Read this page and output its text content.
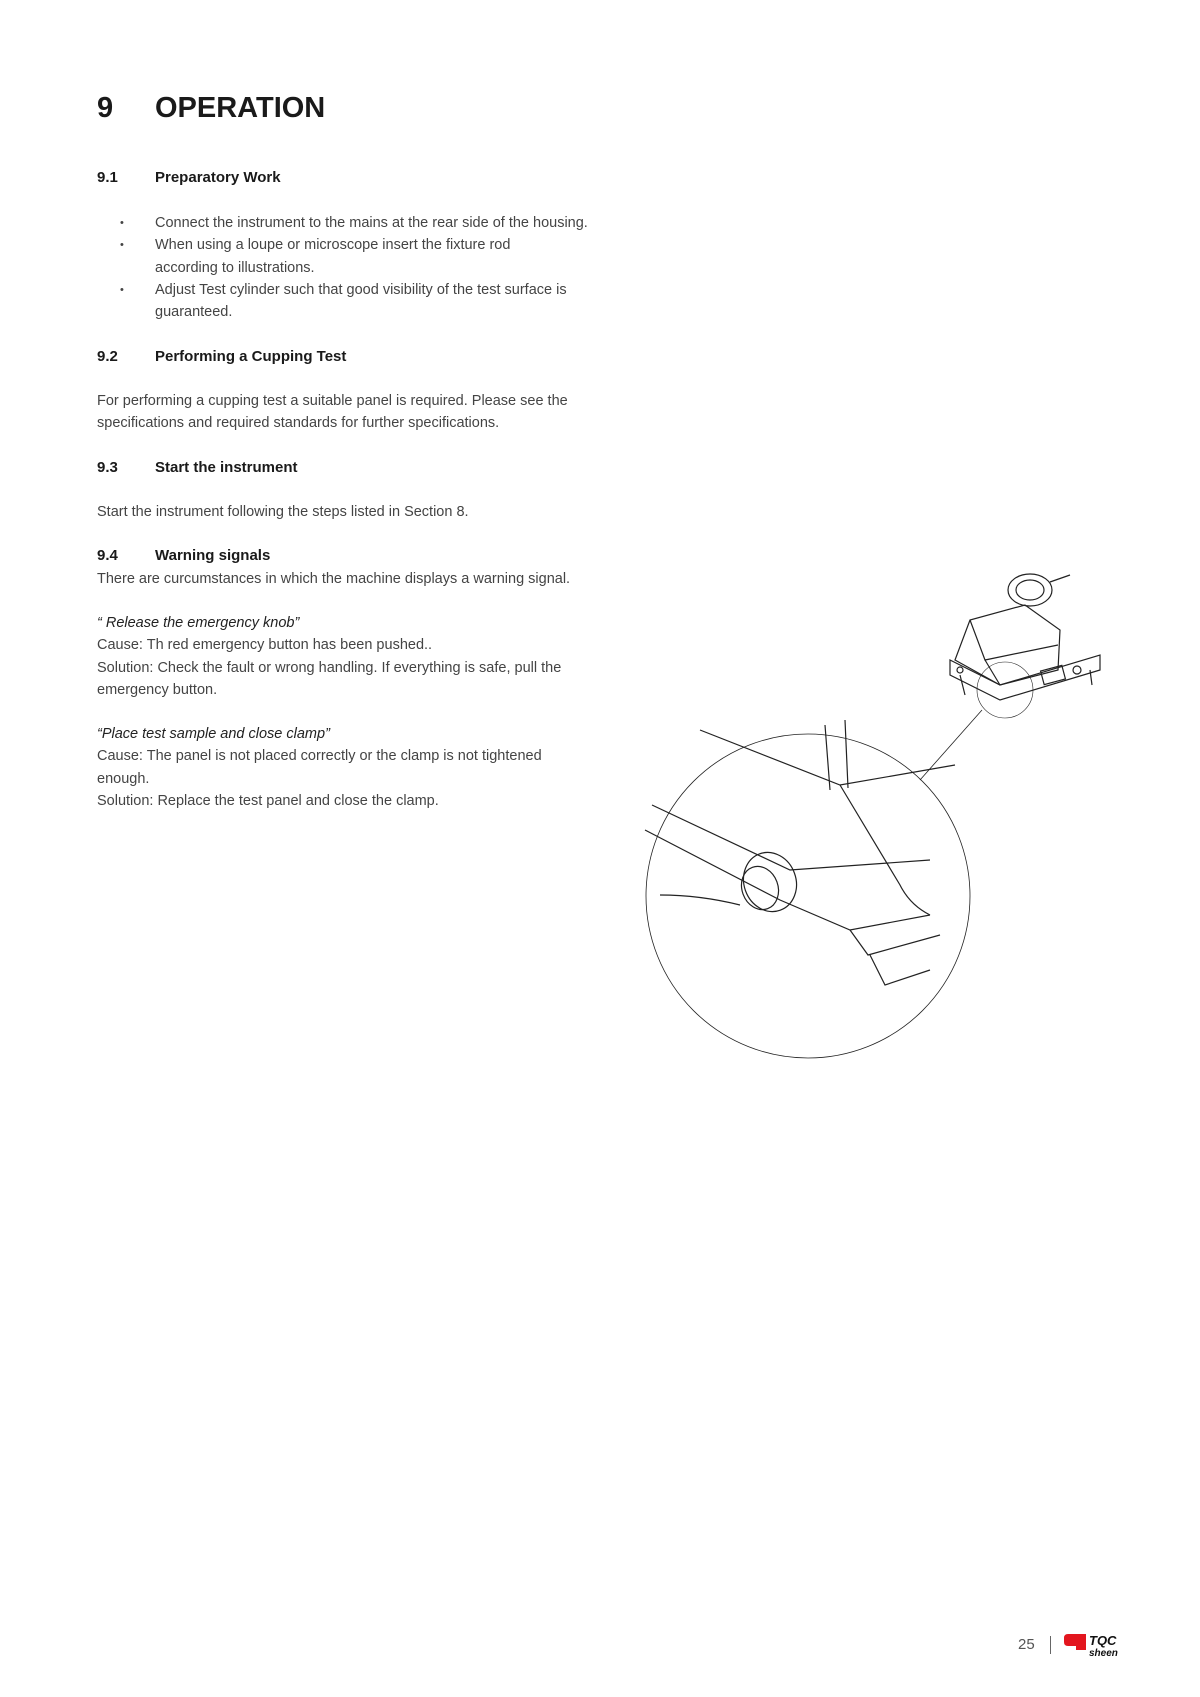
9 OPERATION
9.1 Preparatory Work
• Connect the instrument to the mains at the rear side of the housing.
• When using a loupe or microscope insert the fixture rod according to illustrations.
• Adjust Test cylinder such that good visibility of the test surface is guaranteed.
9.2 Performing a Cupping Test
For performing a cupping test a suitable panel is required. Please see the specifications and required standards for further specifications.
9.3 Start the instrument
Start the instrument following the steps listed in Section 8.
9.4 Warning signals
There are curcumstances in which the machine displays a warning signal.
“ Release the emergency knob”
Cause: Th red emergency button has been pushed..
Solution: Check the fault or wrong handling. If everything is safe, pull the emergency button.
“Place test sample and close clamp”
Cause: The panel is not placed correctly or the clamp is not tightened enough.
Solution: Replace the test panel and close the clamp.
25	TQC
sheen
